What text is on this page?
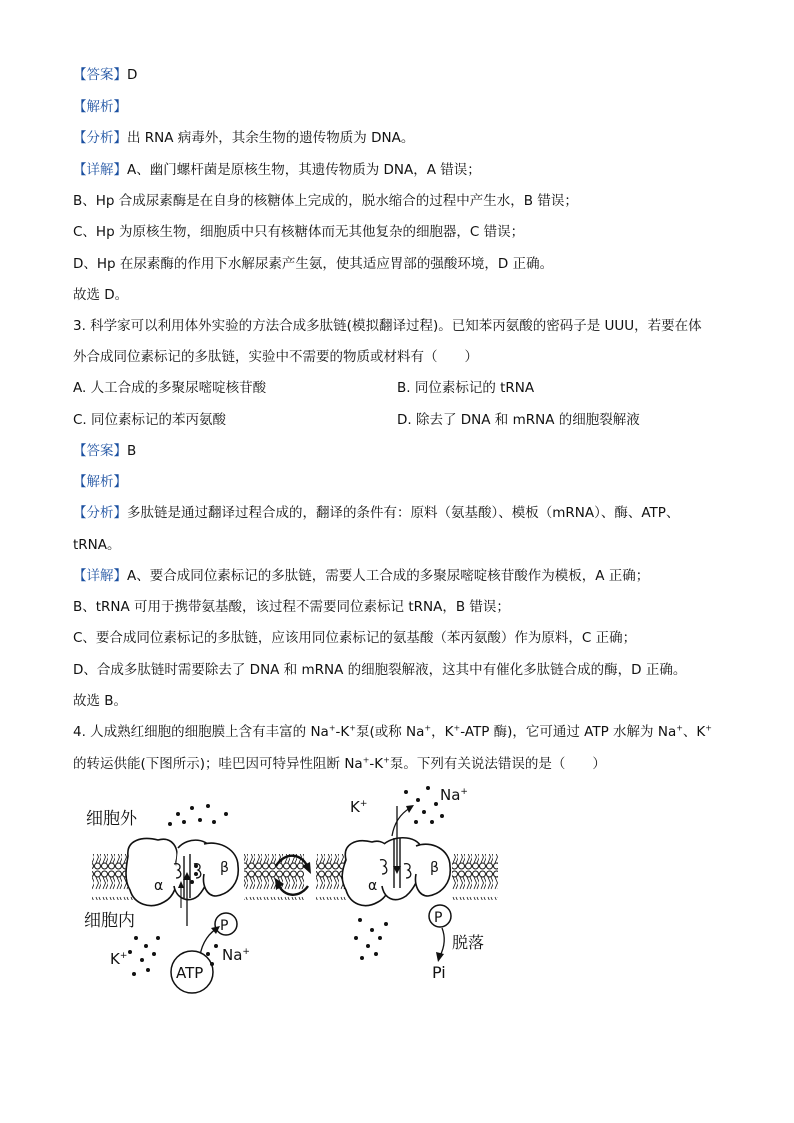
【答案】D
【解析】
【分析】出 RNA 病毒外，其余生物的遗传物质为 DNA。
【详解】A、幽门螺杆菌是原核生物，其遗传物质为 DNA，A 错误；
B、Hp 合成尿素酶是在自身的核糖体上完成的，脱水缩合的过程中产生水，B 错误；
C、Hp 为原核生物，细胞质中只有核糖体而无其他复杂的细胞器，C 错误；
D、Hp 在尿素酶的作用下水解尿素产生氨，使其适应胃部的强酸环境，D 正确。
故选 D。
3. 科学家可以利用体外实验的方法合成多肽链(模拟翻译过程)。已知苯丙氨酸的密码子是 UUU，若要在体
外合成同位素标记的多肽链，实验中不需要的物质或材料有（　　）
A. 人工合成的多聚尿嘧啶核苷酸	B. 同位素标记的 tRNA
C. 同位素标记的苯丙氨酸	D. 除去了 DNA 和 mRNA 的细胞裂解液
【答案】B
【解析】
【分析】多肽链是通过翻译过程合成的，翻译的条件有：原料（氨基酸）、模板（mRNA）、酶、ATP、
tRNA。
【详解】A、要合成同位素标记的多肽链，需要人工合成的多聚尿嘧啶核苷酸作为模板，A 正确；
B、tRNA 可用于携带氨基酸，该过程不需要同位素标记 tRNA，B 错误；
C、要合成同位素标记的多肽链，应该用同位素标记的氨基酸（苯丙氨酸）作为原料，C 正确；
D、合成多肽链时需要除去了 DNA 和 mRNA 的细胞裂解液，这其中有催化多肽链合成的酶，D 正确。
故选 B。
4. 人成熟红细胞的细胞膜上含有丰富的 Na+-K+泵(或称 Na+，K+-ATP 酶)，它可通过 ATP 水解为 Na+、K+
的转运供能(下图所示)；哇巴因可特异性阻断 Na+-K+泵。下列有关说法错误的是（　　）
α
β
P
ATP
α
β
P
细胞外
细胞内
K+	Na+
K+	Na+
脱落
Pi
